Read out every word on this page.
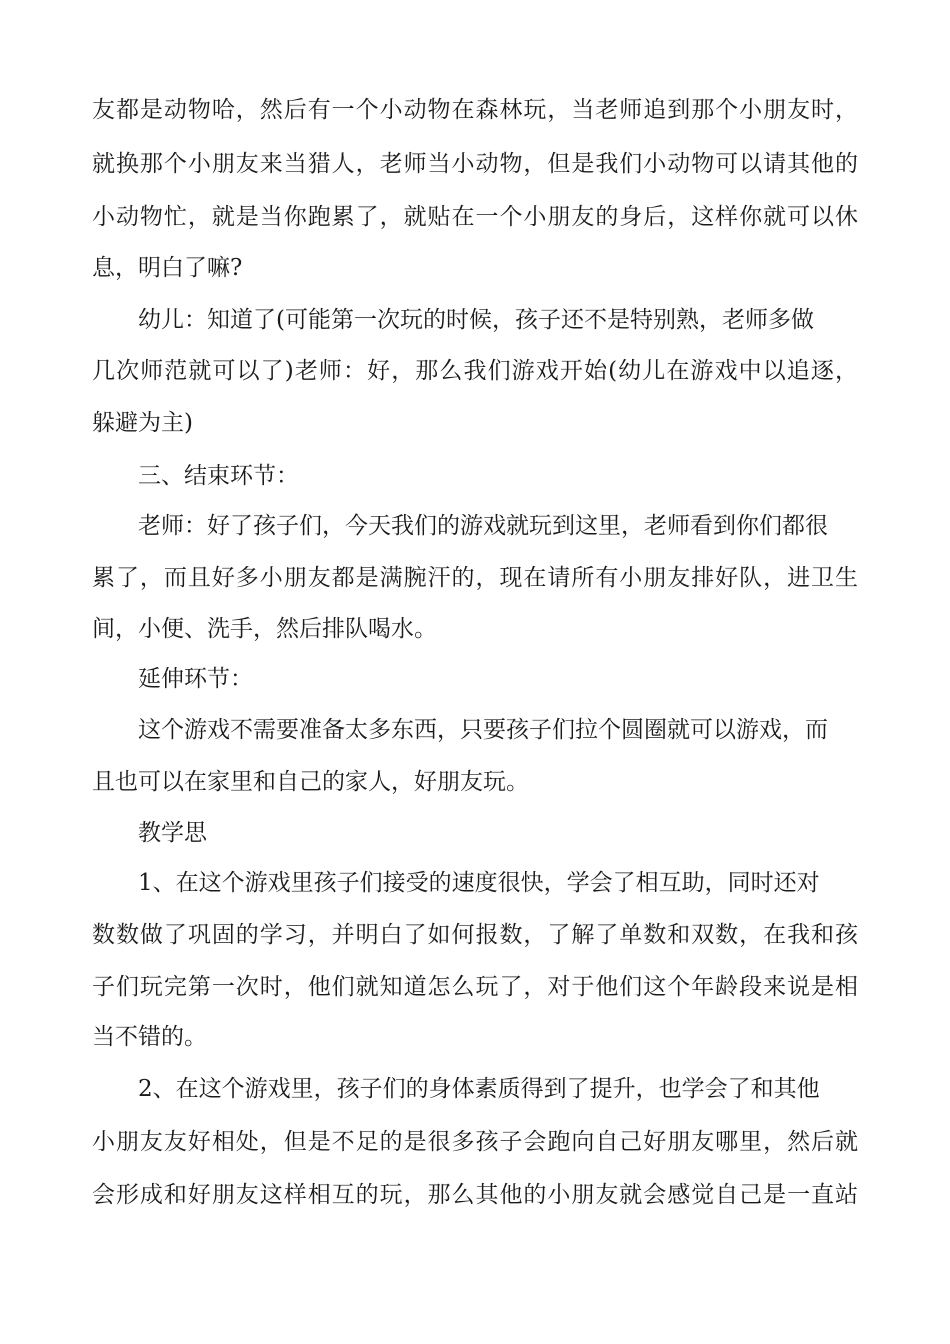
友都是动物哈，然后有一个小动物在森林玩，当老师追到那个小朋友时，

就换那个小朋友来当猎人，老师当小动物，但是我们小动物可以请其他的

小动物忙，就是当你跑累了，就贴在一个小朋友的身后，这样你就可以休

息，明白了嘛?

幼儿：知道了(可能第一次玩的时候，孩子还不是特别熟，老师多做

几次师范就可以了)老师：好，那么我们游戏开始(幼儿在游戏中以追逐，

躲避为主)

三、结束环节：

老师：好了孩子们，今天我们的游戏就玩到这里，老师看到你们都很

累了，而且好多小朋友都是满腕汗的，现在请所有小朋友排好队，进卫生

间，小便、洗手，然后排队喝水。

延伸环节：

这个游戏不需要准备太多东西，只要孩子们拉个圆圈就可以游戏，而

且也可以在家里和自己的家人，好朋友玩。

教学思

1、在这个游戏里孩子们接受的速度很快，学会了相互助，同时还对

数数做了巩固的学习，并明白了如何报数，了解了单数和双数，在我和孩

子们玩完第一次时，他们就知道怎么玩了，对于他们这个年龄段来说是相

当不错的。

2、在这个游戏里，孩子们的身体素质得到了提升，也学会了和其他

小朋友友好相处，但是不足的是很多孩子会跑向自己好朋友哪里，然后就

会形成和好朋友这样相互的玩，那么其他的小朋友就会感觉自己是一直站
